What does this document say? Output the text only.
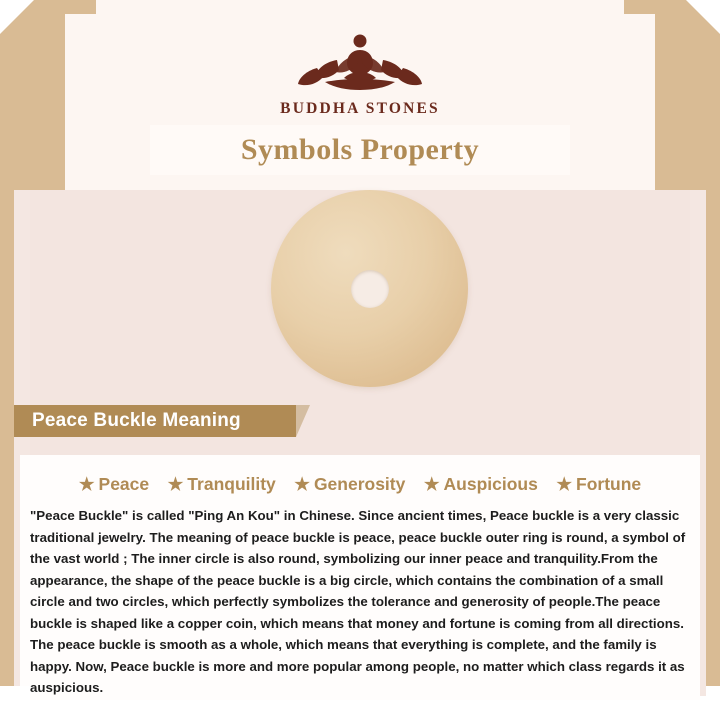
BUDDHA STONES
Symbols Property
Peace Buckle Meaning
★ Peace ★ Tranquility ★ Generosity ★ Auspicious ★ Fortune
"Peace Buckle" is called "Ping An Kou" in Chinese. Since ancient times, Peace buckle is a very classic traditional jewelry. The meaning of peace buckle is peace, peace buckle outer ring is round, a symbol of the vast world ; The inner circle is also round, symbolizing our inner peace and tranquility.From the appearance, the shape of the peace buckle is a big circle, which contains the combination of a small circle and two circles, which perfectly symbolizes the tolerance and generosity of people.The peace buckle is shaped like a copper coin, which means that money and fortune is coming from all directions. The peace buckle is smooth as a whole, which means that everything is complete, and the family is happy. Now, Peace buckle is more and more popular among people, no matter which class regards it as auspicious.
